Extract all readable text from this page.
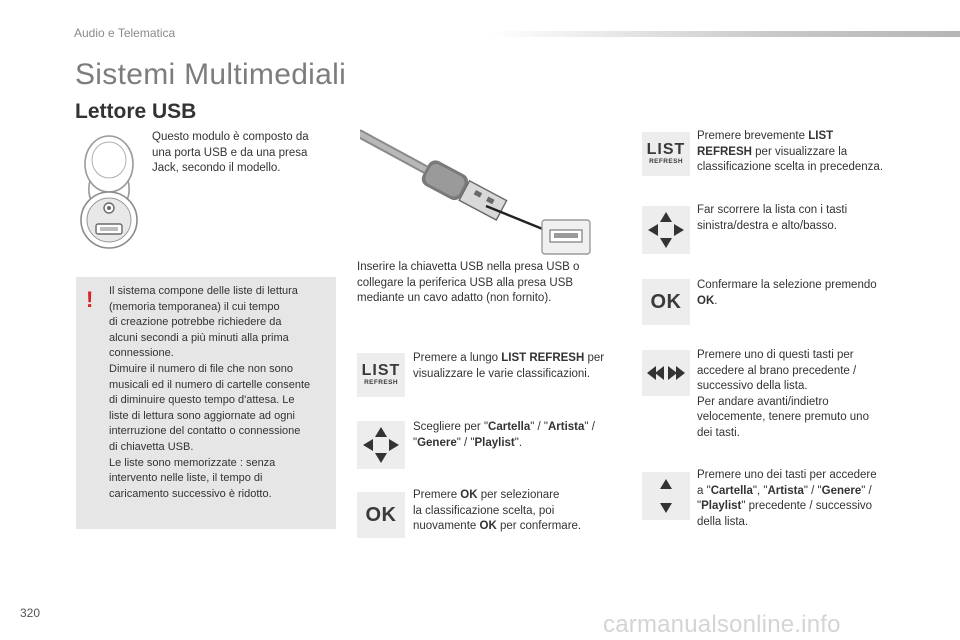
Audio e Telematica
Sistemi Multimediali
Lettore USB
Questo modulo è composto da
una porta USB e da una presa
Jack, secondo il modello.
! Il sistema compone delle liste di lettura
(memoria temporanea) il cui tempo
di creazione potrebbe richiedere da
alcuni secondi a più minuti alla prima
connessione.
Dimuire il numero di file che non sono
musicali ed il numero di cartelle consente
di diminuire questo tempo d'attesa. Le
liste di lettura sono aggiornate ad ogni
interruzione del contatto o connessione
di chiavetta USB.
Le liste sono memorizzate : senza
intervento nelle liste, il tempo di
caricamento successivo è ridotto.
Inserire la chiavetta USB nella presa USB o
collegare la periferica USB alla presa USB
mediante un cavo adatto (non fornito).
LIST
REFRESH
Premere a lungo LIST REFRESH per
visualizzare le varie classificazioni.
Scegliere per "Cartella" / "Artista" /
"Genere" / "Playlist".
OK
Premere OK per selezionare
la classificazione scelta, poi
nuovamente OK per confermare.
LIST
REFRESH
Premere brevemente LIST
REFRESH per visualizzare la
classificazione scelta in precedenza.
Far scorrere la lista con i tasti
sinistra/destra e alto/basso.
OK
Confermare la selezione premendo
OK.
Premere uno di questi tasti per
accedere al brano precedente /
successivo della lista.
Per andare avanti/indietro
velocemente, tenere premuto uno
dei tasti.
Premere uno dei tasti per accedere
a "Cartella", "Artista" / "Genere" /
"Playlist" precedente / successivo
della lista.
320	carmanualsonline.info
